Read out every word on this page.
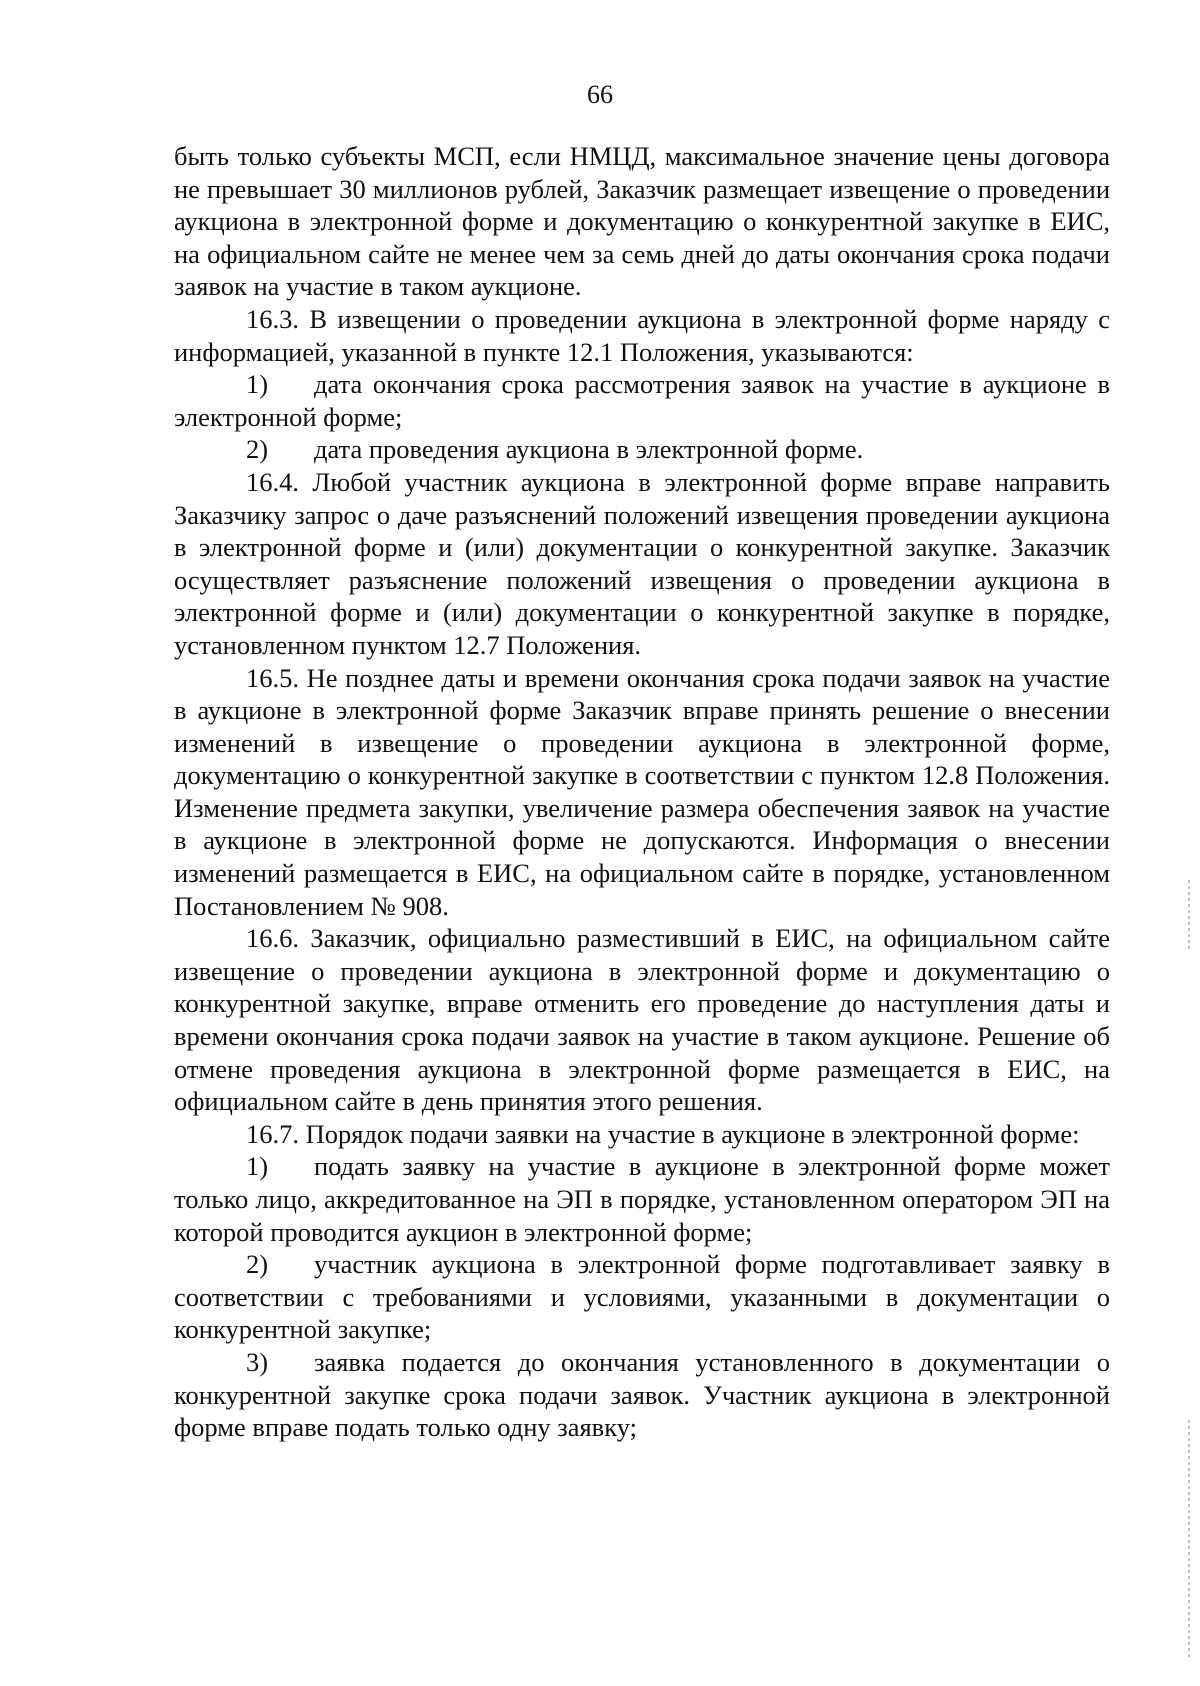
66

быть только субъекты МСП, если НМЦД, максимальное значение цены договора не превышает 30 миллионов рублей, Заказчик размещает извещение о проведении аукциона в электронной форме и документацию о конкурентной закупке в ЕИС, на официальном сайте не менее чем за семь дней до даты окончания срока подачи заявок на участие в таком аукционе.

16.3. В извещении о проведении аукциона в электронной форме наряду с информацией, указанной в пункте 12.1 Положения, указываются:

1) дата окончания срока рассмотрения заявок на участие в аукционе в электронной форме;

2) дата проведения аукциона в электронной форме.

16.4. Любой участник аукциона в электронной форме вправе направить Заказчику запрос о даче разъяснений положений извещения проведении аукциона в электронной форме и (или) документации о конкурентной закупке. Заказчик осуществляет разъяснение положений извещения о проведении аукциона в электронной форме и (или) документации о конкурентной закупке в порядке, установленном пунктом 12.7 Положения.

16.5. Не позднее даты и времени окончания срока подачи заявок на участие в аукционе в электронной форме Заказчик вправе принять решение о внесении изменений в извещение о проведении аукциона в электронной форме, документацию о конкурентной закупке в соответствии с пунктом 12.8 Положения. Изменение предмета закупки, увеличение размера обеспечения заявок на участие в аукционе в электронной форме не допускаются. Информация о внесении изменений размещается в ЕИС, на официальном сайте в порядке, установленном Постановлением № 908.

16.6. Заказчик, официально разместивший в ЕИС, на официальном сайте извещение о проведении аукциона в электронной форме и документацию о конкурентной закупке, вправе отменить его проведение до наступления даты и времени окончания срока подачи заявок на участие в таком аукционе. Решение об отмене проведения аукциона в электронной форме размещается в ЕИС, на официальном сайте в день принятия этого решения.

16.7. Порядок подачи заявки на участие в аукционе в электронной форме:

1) подать заявку на участие в аукционе в электронной форме может только лицо, аккредитованное на ЭП в порядке, установленном оператором ЭП на которой проводится аукцион в электронной форме;

2) участник аукциона в электронной форме подготавливает заявку в соответствии с требованиями и условиями, указанными в документации о конкурентной закупке;

3) заявка подается до окончания установленного в документации о конкурентной закупке срока подачи заявок. Участник аукциона в электронной форме вправе подать только одну заявку;
